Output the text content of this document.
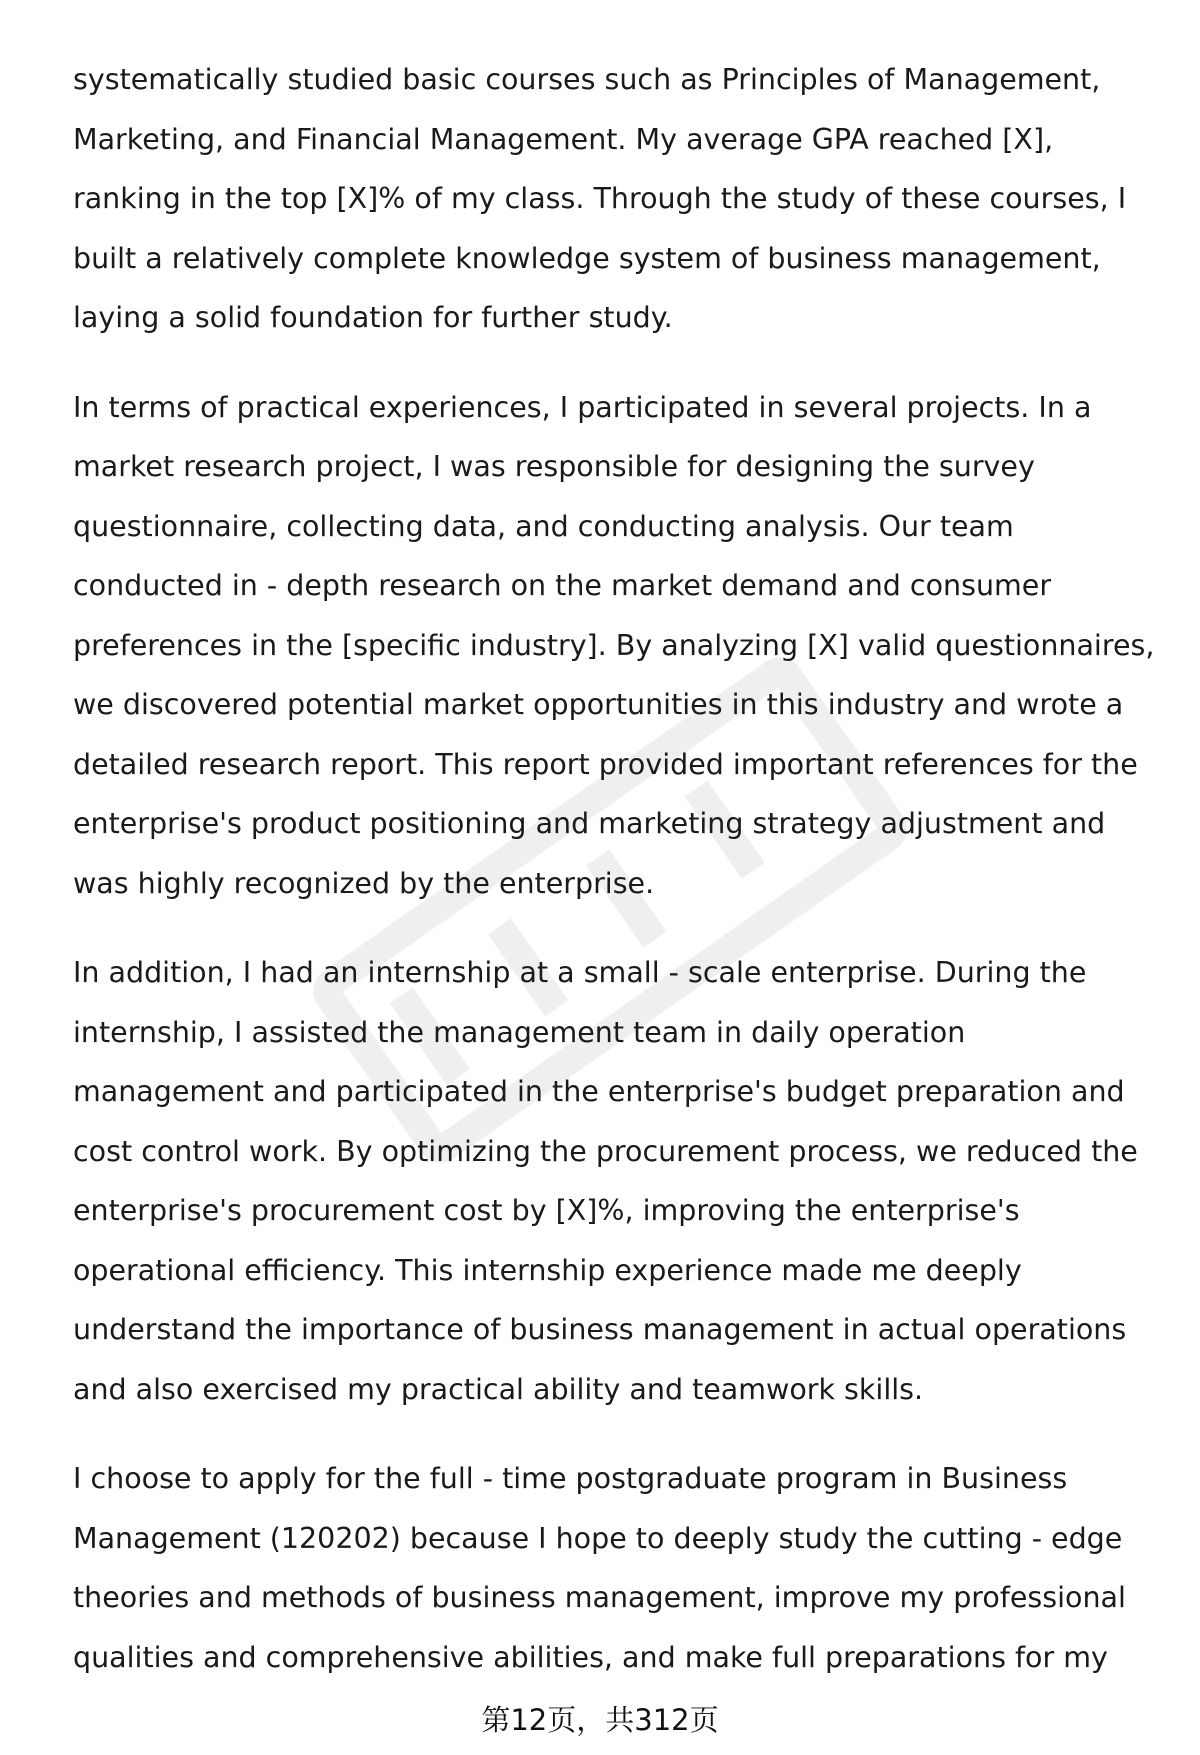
systematically studied basic courses such as Principles of Management, Marketing, and Financial Management. My average GPA reached [X], ranking in the top [X]% of my class. Through the study of these courses, I built a relatively complete knowledge system of business management, laying a solid foundation for further study.

In terms of practical experiences, I participated in several projects. In a market research project, I was responsible for designing the survey questionnaire, collecting data, and conducting analysis. Our team conducted in - depth research on the market demand and consumer preferences in the [specific industry]. By analyzing [X] valid questionnaires, we discovered potential market opportunities in this industry and wrote a detailed research report. This report provided important references for the enterprise's product positioning and marketing strategy adjustment and was highly recognized by the enterprise.

In addition, I had an internship at a small - scale enterprise. During the internship, I assisted the management team in daily operation management and participated in the enterprise's budget preparation and cost control work. By optimizing the procurement process, we reduced the enterprise's procurement cost by [X]%, improving the enterprise's operational efficiency. This internship experience made me deeply understand the importance of business management in actual operations and also exercised my practical ability and teamwork skills.

I choose to apply for the full - time postgraduate program in Business Management (120202) because I hope to deeply study the cutting - edge theories and methods of business management, improve my professional qualities and comprehensive abilities, and make full preparations for my

第12页，共312页
